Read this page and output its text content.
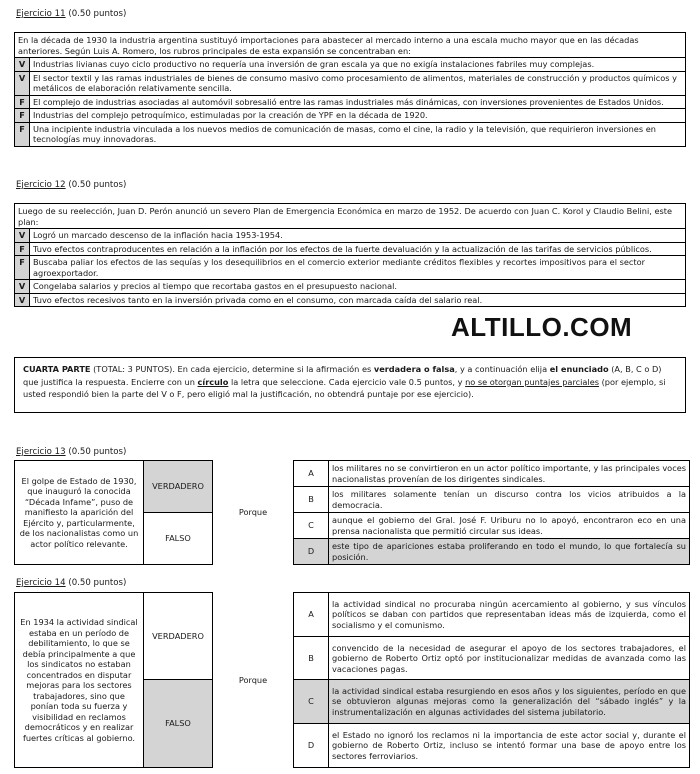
Ejercicio 11 (0.50 puntos)
En la década de 1930 la industria argentina sustituyó importaciones para abastecer al mercado interno a una escala mucho mayor que en las décadas anteriores. Según Luis A. Romero, los rubros principales de esta expansión se concentraban en:
V Industrias livianas cuyo ciclo productivo no requería una inversión de gran escala ya que no exigía instalaciones fabriles muy complejas.
V El sector textil y las ramas industriales de bienes de consumo masivo como procesamiento de alimentos, materiales de construcción y productos químicos y metálicos de elaboración relativamente sencilla.
F	El complejo de industrias asociadas al automóvil sobresalió entre las ramas industriales más dinámicas, con inversiones provenientes de Estados Unidos.
F	Industrias del complejo petroquímico, estimuladas por la creación de YPF en la década de 1920.
F	Una incipiente industria vinculada a los nuevos medios de comunicación de masas, como el cine, la radio y la televisión, que requirieron inversiones en tecnologías muy innovadoras.
Ejercicio 12 (0.50 puntos)
Luego de su reelección, Juan D. Perón anunció un severo Plan de Emergencia Económica en marzo de 1952. De acuerdo con Juan C. Korol y Claudio Belini, este plan:
V Logró un marcado descenso de la inflación hacia 1953-1954.
F	Tuvo efectos contraproducentes en relación a la inflación por los efectos de la fuerte devaluación y la actualización de las tarifas de servicios públicos.
F	Buscaba paliar los efectos de las sequías y los desequilibrios en el comercio exterior mediante créditos flexibles y recortes impositivos para el sector agroexportador.
V Congelaba salarios y precios al tiempo que recortaba gastos en el presupuesto nacional.
V Tuvo efectos recesivos tanto en la inversión privada como en el consumo, con marcada caída del salario real.
ALTILLO.COM
CUARTA PARTE (TOTAL: 3 PUNTOS). En cada ejercicio, determine si la afirmación es verdadera o falsa, y a continuación elija el enunciado (A, B, C o D) que justifica la respuesta. Encierre con un círculo la letra que seleccione. Cada ejercicio vale 0.5 puntos, y no se otorgan puntajes parciales (por ejemplo, si usted respondió bien la parte del V o F, pero eligió mal la justificación, no obtendrá puntaje por ese ejercicio).
Ejercicio 13 (0.50 puntos)
El golpe de Estado de 1930, que inauguró la conocida “Década Infame”, puso de manifiesto la aparición del Ejército y, particularmente, de los nacionalistas como un actor político relevante.	VERDADERO	Porque	A	los militares no se convirtieron en un actor político importante, y las principales voces nacionalistas provenían de los dirigentes sindicales.
			B	los militares solamente tenían un discurso contra los vicios atribuidos a la democracia.
	FALSO		C	aunque el gobierno del Gral. José F. Uriburu no lo apoyó, encontraron eco en una prensa nacionalista que permitió circular sus ideas.
			D	este tipo de apariciones estaba proliferando en todo el mundo, lo que fortalecía su posición.
Ejercicio 14 (0.50 puntos)
En 1934 la actividad sindical estaba en un período de debilitamiento, lo que se debía principalmente a que los sindicatos no estaban concentrados en disputar mejoras para los sectores trabajadores, sino que ponían toda su fuerza y visibilidad en reclamos democráticos y en realizar fuertes críticas al gobierno.	VERDADERO	Porque	A	la actividad sindical no procuraba ningún acercamiento al gobierno, y sus vínculos políticos se daban con partidos que representaban ideas más de izquierda, como el socialismo y el comunismo.
			B	convencido de la necesidad de asegurar el apoyo de los sectores trabajadores, el gobierno de Roberto Ortiz optó por institucionalizar medidas de avanzada como las vacaciones pagas.
	FALSO		C	la actividad sindical estaba resurgiendo en esos años y los siguientes, período en que se obtuvieron algunas mejoras como la generalización del “sábado inglés” y la instrumentalización en algunas actividades del sistema jubilatorio.
			D	el Estado no ignoró los reclamos ni la importancia de este actor social y, durante el gobierno de Roberto Ortiz, incluso se intentó formar una base de apoyo entre los sectores ferroviarios.
